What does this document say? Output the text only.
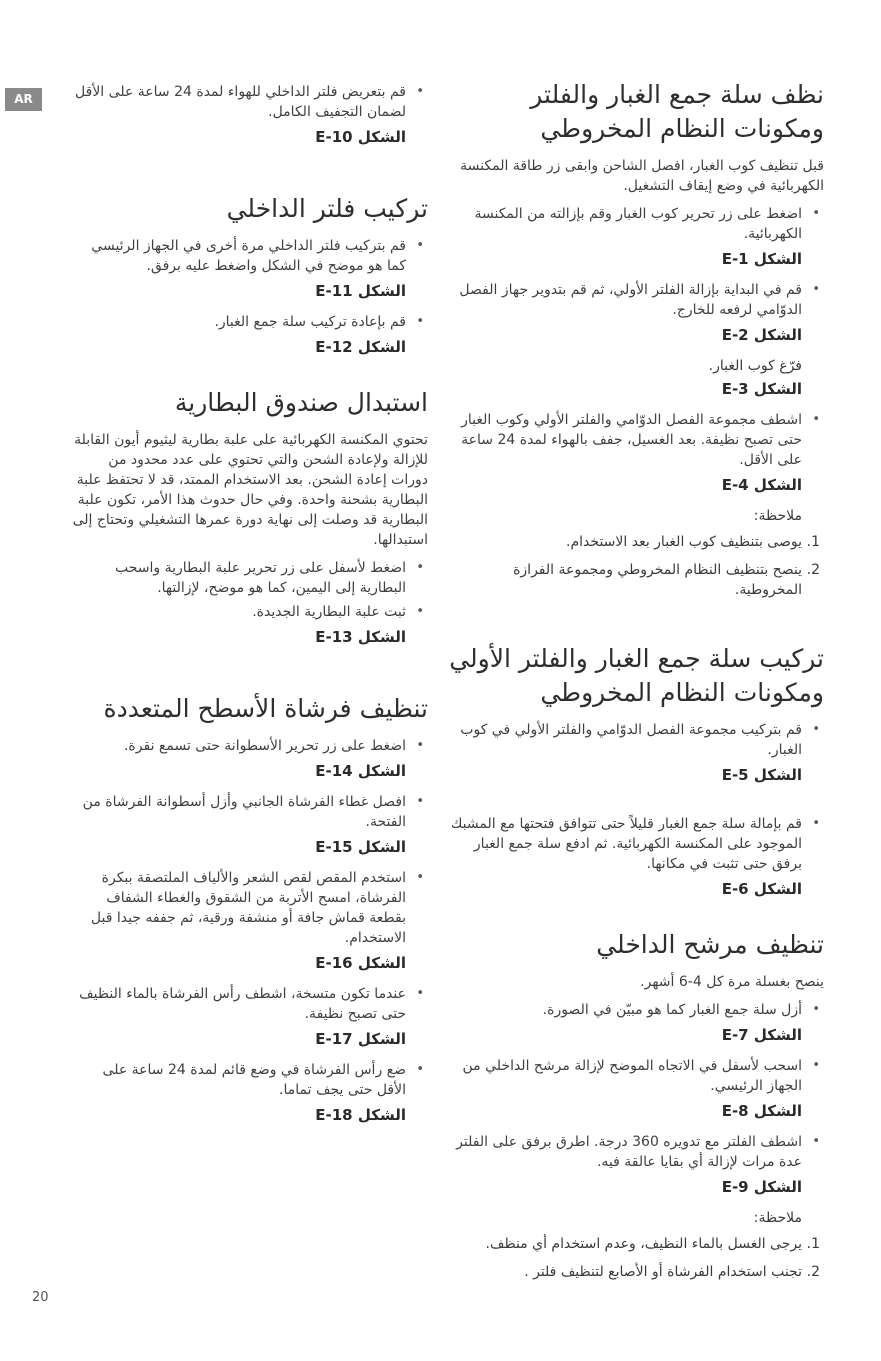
AR	نظف سلة جمع الغبار والفلتر ومكونات النظام المخروطي

قبل تنظيف كوب الغبار، افصل الشاحن وابقى زر طاقة المكنسة الكهربائية في وضع إيقاف التشغيل.

•
اضغط على زر تحرير كوب الغبار وقم بإزالته من المكنسة الكهربائية.
الشكل E-1
•
قم في البداية بإزالة الفلتر الأولي، ثم قم بتدوير جهاز الفصل الدوّامي لرفعه للخارج.
الشكل E-2
فرّغ كوب الغبار.
الشكل E-3
•
اشطف مجموعة الفصل الدوّامي والفلتر الأولي وكوب الغبار حتى تصبح نظيفة. بعد الغسيل، جفف بالهواء لمدة 24 ساعة على الأقل.
الشكل E-4
ملاحظة:
1.
يوصى بتنظيف كوب الغبار بعد الاستخدام.
2.
ينصح بتنظيف النظام المخروطي ومجموعة الفرازة المخروطية.
تركيب سلة جمع الغبار والفلتر الأولي ومكونات النظام المخروطي
•
قم بتركيب مجموعة الفصل الدوّامي والفلتر الأولي في كوب الغبار.
الشكل E-5
•
قم بإمالة سلة جمع الغبار قليلاً حتى تتوافق فتحتها مع المشبك الموجود على المكنسة الكهربائية. ثم ادفع سلة جمع الغبار برفق حتى تثبت في مكانها.
الشكل E-6
تنظيف مرشح الداخلي

ينصح بغسلة مرة كل 4-6 أشهر.

•
أزل سلة جمع الغبار كما هو مبيّن في الصورة.
الشكل E-7
•
اسحب لأسفل في الاتجاه الموضح لإزالة مرشح الداخلي من الجهاز الرئيسي.
الشكل E-8
•
اشطف الفلتر مع تدويره 360 درجة. اطرق برفق على الفلتر عدة مرات لإزالة أي بقايا عالقة فيه.
الشكل E-9
ملاحظة:
1.
يرجى الغسل بالماء النظيف، وعدم استخدام أي منظف.
2.
تجنب استخدام الفرشاة أو الأصابع لتنظيف فلتر .
•
قم بتعريض فلتر الداخلي للهواء لمدة 24 ساعة على الأقل لضمان التجفيف الكامل.
الشكل E-10
تركيب فلتر الداخلي
•
قم بتركيب فلتر الداخلي مرة أخرى في الجهاز الرئيسي كما هو موضح في الشكل واضغط عليه برفق.
الشكل E-11
•
قم بإعادة تركيب سلة جمع الغبار.
الشكل E-12
استبدال صندوق البطارية

تحتوي المكنسة الكهربائية على علبة بطارية ليثيوم أيون القابلة للإزالة ولإعادة الشحن والتي تحتوي على عدد محدود من دورات إعادة الشحن. بعد الاستخدام الممتد، قد لا تحتفظ علبة البطارية بشحنة واحدة. وفي حال حدوث هذا الأمر، تكون علبة البطارية قد وصلت إلى نهاية دورة عمرها التشغيلي وتحتاج إلى استبدالها.

•
اضغط لأسفل على زر تحرير علبة البطارية واسحب البطارية إلى اليمين، كما هو موضح، لإزالتها.
•
ثبت علبة البطارية الجديدة.
الشكل E-13
تنظيف فرشاة الأسطح المتعددة
•
اضغط على زر تحرير الأسطوانة حتى تسمع نقرة.
الشكل E-14
•
افصل غطاء الفرشاة الجانبي وأزل أسطوانة الفرشاة من الفتحة.
الشكل E-15
•
استخدم المقص لقص الشعر والألياف الملتصقة ببكرة الفرشاة، امسح الأتربة من الشقوق والغطاء الشفاف بقطعة قماش جافة أو منشفة ورقية، ثم جففه جيدا قبل الاستخدام.
الشكل E-16
•
عندما تكون متسخة، اشطف رأس الفرشاة بالماء النظيف حتى تصبح نظيفة.
الشكل E-17
•
ضع رأس الفرشاة في وضع قائم لمدة 24 ساعة على الأقل حتى يجف تماما.
الشكل E-18
20
